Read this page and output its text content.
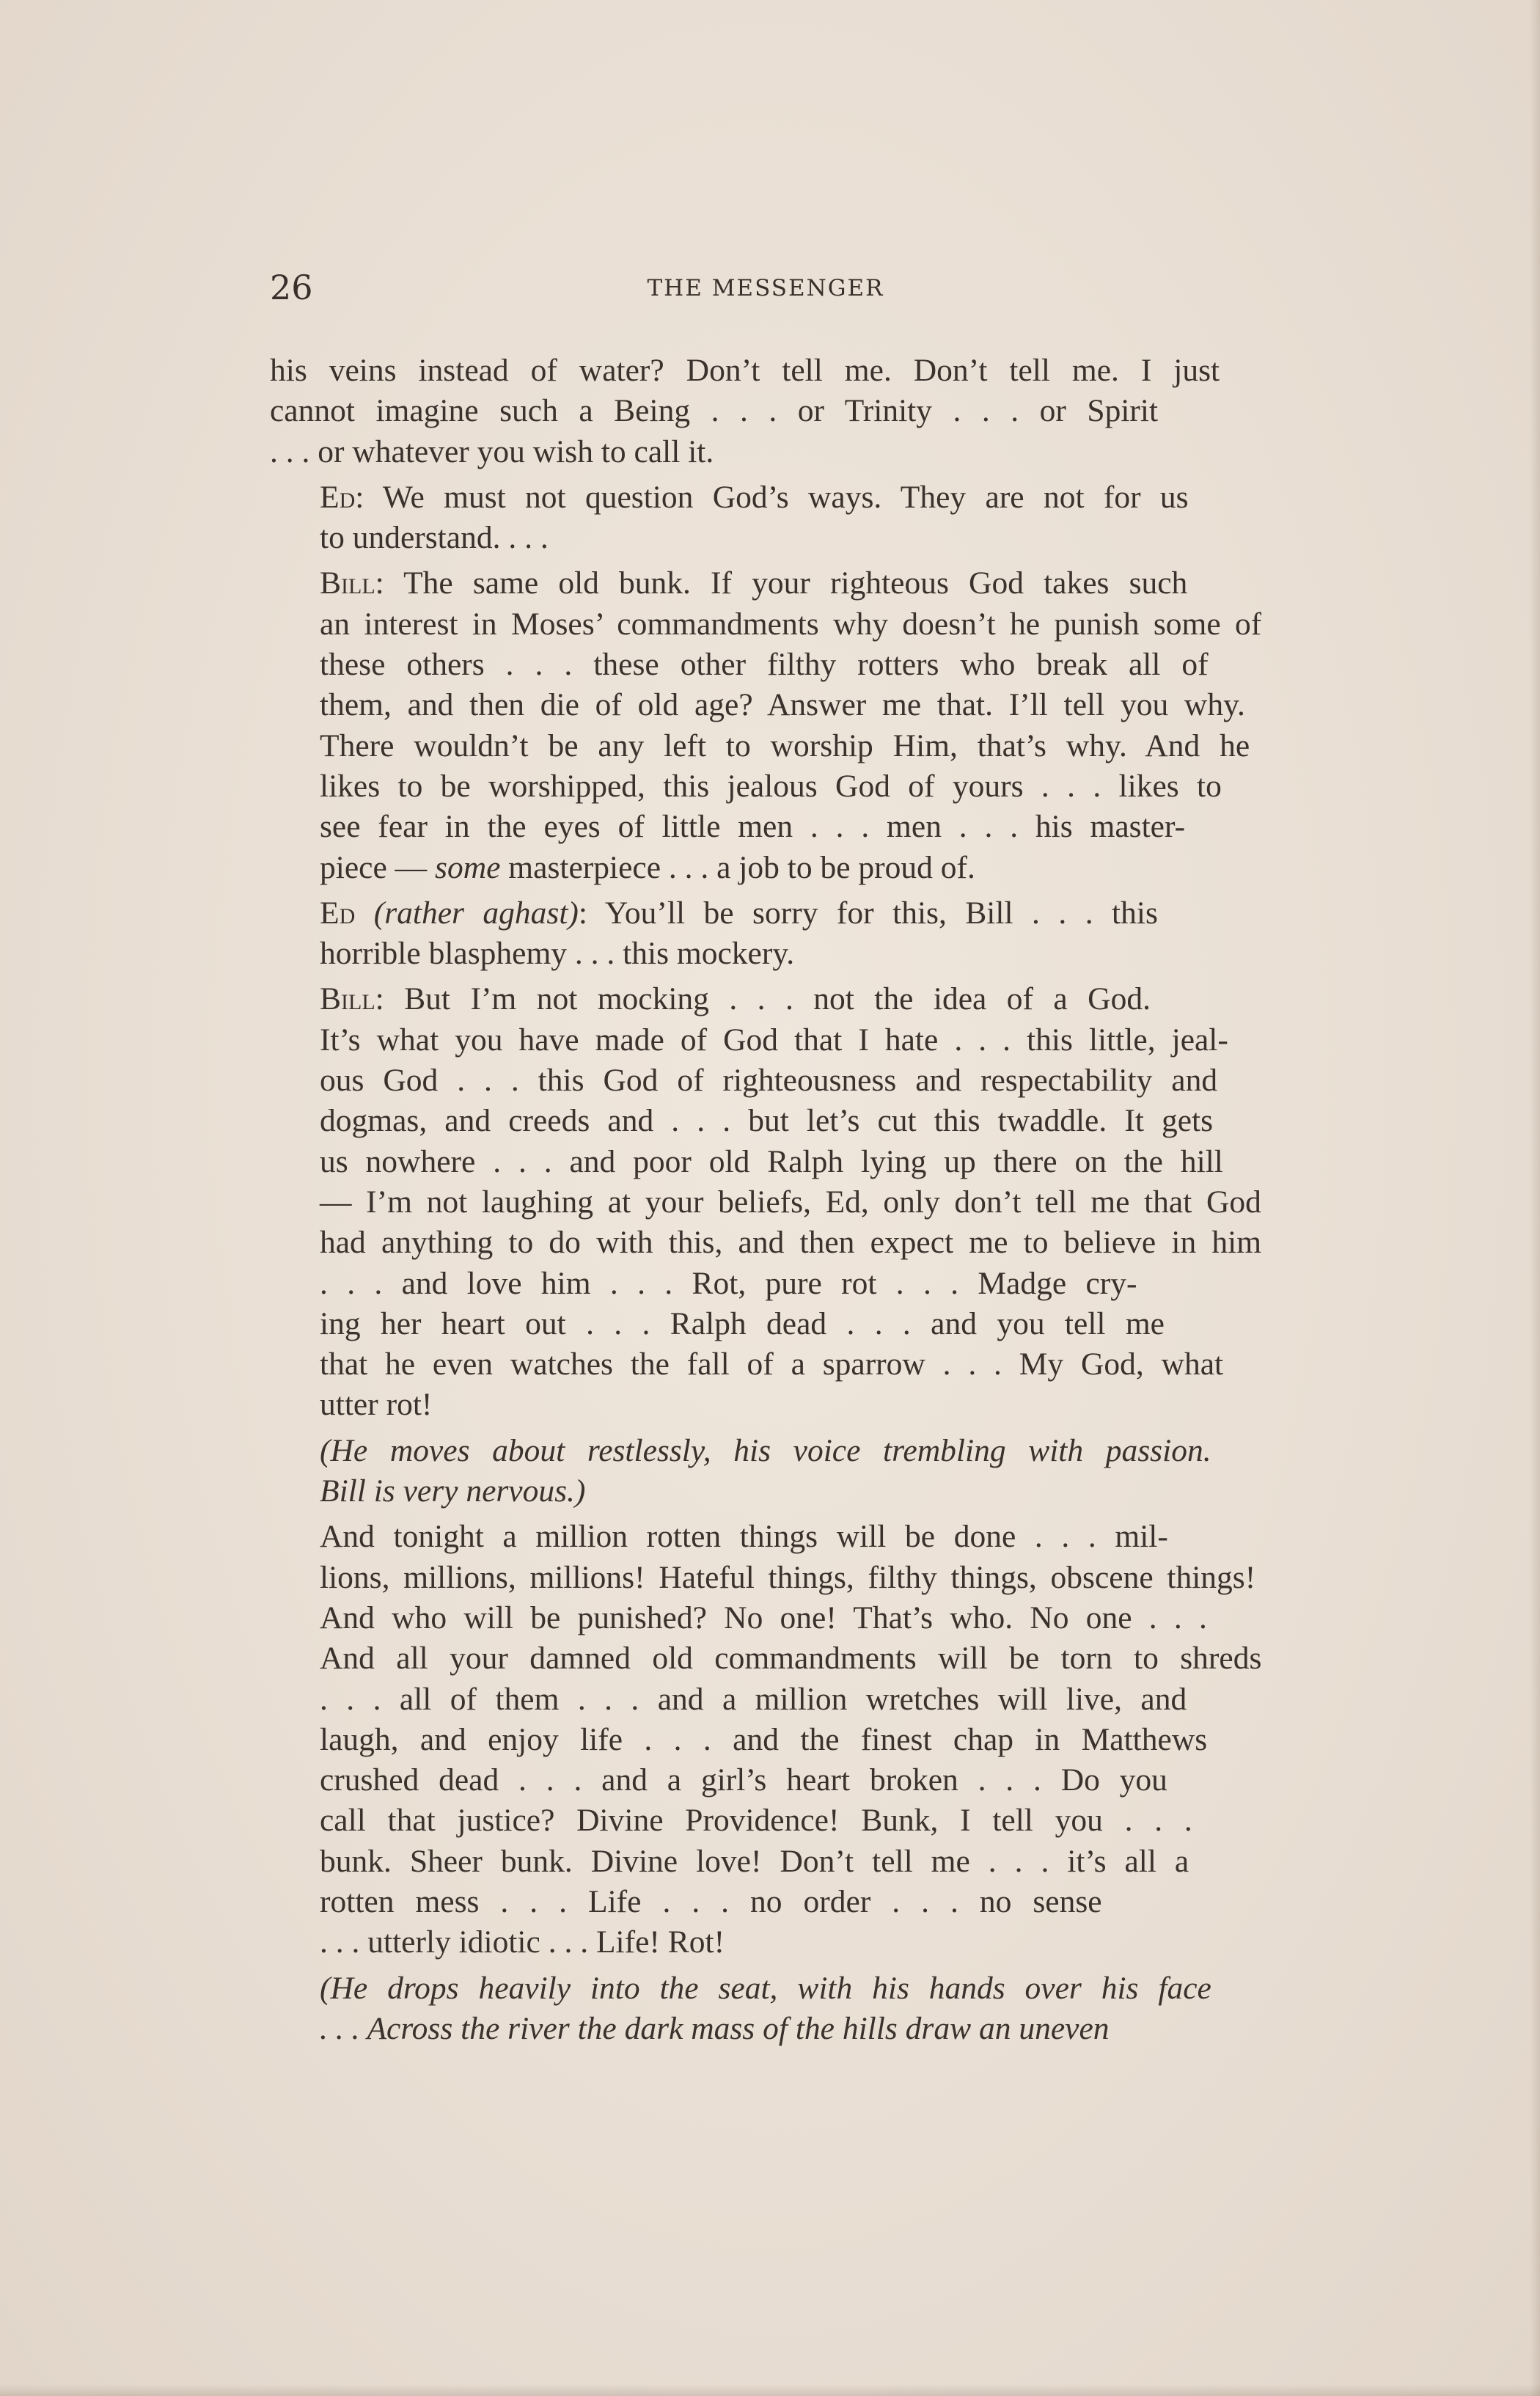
26	THE MESSENGER

his veins instead of water? Don’t tell me. Don’t tell me. I just
cannot imagine such a Being . . . or Trinity . . . or Spirit
. . . or whatever you wish to call it.

Ed: We must not question God’s ways. They are not for us
to understand. . . .

Bill: The same old bunk. If your righteous God takes such
an interest in Moses’ commandments why doesn’t he punish some of
these others . . . these other filthy rotters who break all of
them, and then die of old age? Answer me that. I’ll tell you why.
There wouldn’t be any left to worship Him, that’s why. And he
likes to be worshipped, this jealous God of yours . . . likes to
see fear in the eyes of little men . . . men . . . his master-
piece — some masterpiece . . . a job to be proud of.

Ed (rather aghast): You’ll be sorry for this, Bill . . . this
horrible blasphemy . . . this mockery.

Bill: But I’m not mocking . . . not the idea of a God.
It’s what you have made of God that I hate . . . this little, jeal-
ous God . . . this God of righteousness and respectability and
dogmas, and creeds and . . . but let’s cut this twaddle. It gets
us nowhere . . . and poor old Ralph lying up there on the hill
— I’m not laughing at your beliefs, Ed, only don’t tell me that God
had anything to do with this, and then expect me to believe in him
. . . and love him . . . Rot, pure rot . . . Madge cry-
ing her heart out . . . Ralph dead . . . and you tell me
that he even watches the fall of a sparrow . . . My God, what
utter rot!

(He moves about restlessly, his voice trembling with passion.
Bill is very nervous.)

And tonight a million rotten things will be done . . . mil-
lions, millions, millions! Hateful things, filthy things, obscene things!
And who will be punished? No one! That’s who. No one . . .
And all your damned old commandments will be torn to shreds
. . . all of them . . . and a million wretches will live, and
laugh, and enjoy life . . . and the finest chap in Matthews
crushed dead . . . and a girl’s heart broken . . . Do you
call that justice? Divine Providence! Bunk, I tell you . . .
bunk. Sheer bunk. Divine love! Don’t tell me . . . it’s all a
rotten mess . . . Life . . . no order . . . no sense
. . . utterly idiotic . . . Life! Rot!

(He drops heavily into the seat, with his hands over his face
. . . Across the river the dark mass of the hills draw an uneven
